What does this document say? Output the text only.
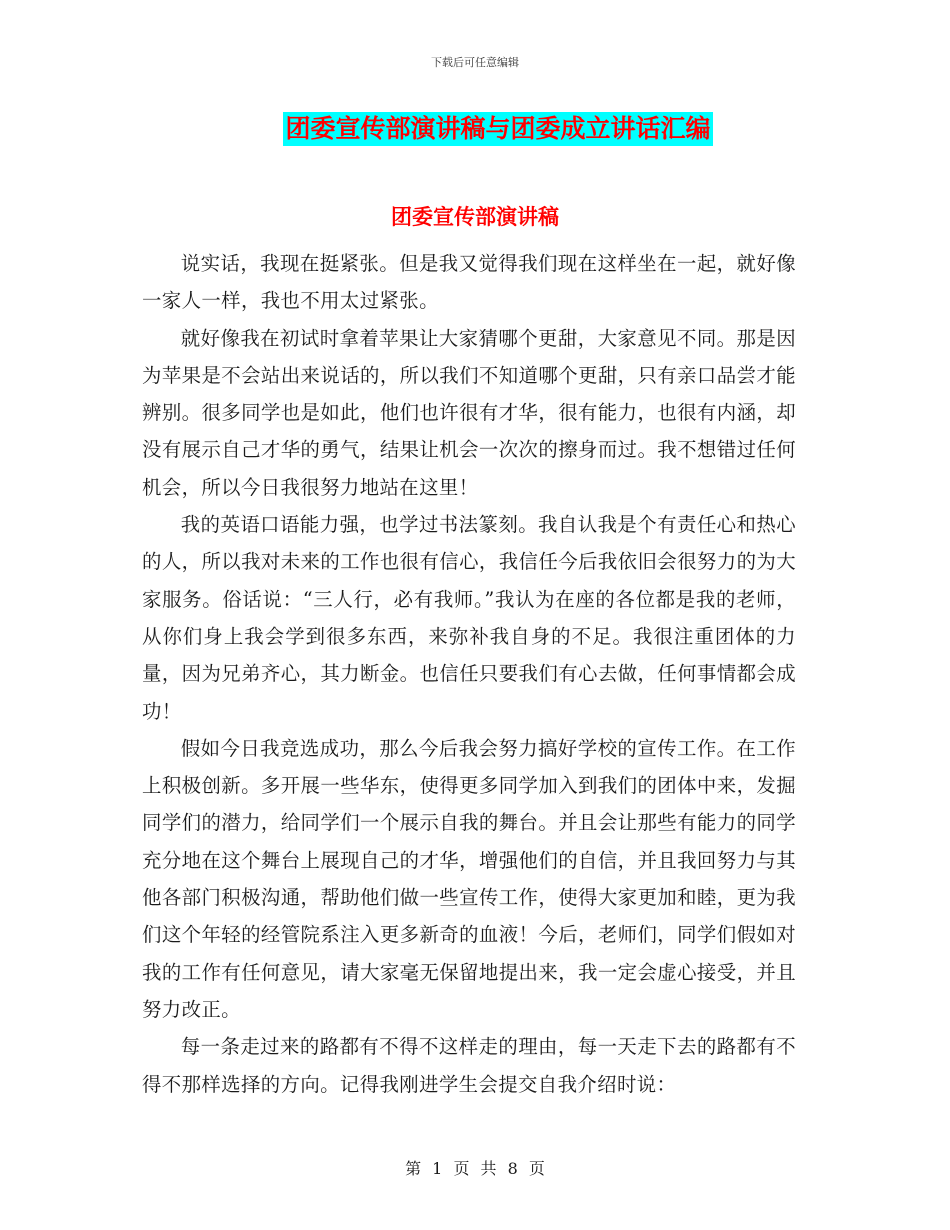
下载后可任意编辑
团委宣传部演讲稿与团委成立讲话汇编
团委宣传部演讲稿

说实话，我现在挺紧张。但是我又觉得我们现在这样坐在一起，就好像一家人一样，我也不用太过紧张。

就好像我在初试时拿着苹果让大家猜哪个更甜，大家意见不同。那是因为苹果是不会站出来说话的，所以我们不知道哪个更甜，只有亲口品尝才能辨别。很多同学也是如此，他们也许很有才华，很有能力，也很有内涵，却没有展示自己才华的勇气，结果让机会一次次的擦身而过。我不想错过任何机会，所以今日我很努力地站在这里！

我的英语口语能力强，也学过书法篆刻。我自认我是个有责任心和热心的人，所以我对未来的工作也很有信心，我信任今后我依旧会很努力的为大家服务。俗话说：“三人行，必有我师。”我认为在座的各位都是我的老师，从你们身上我会学到很多东西，来弥补我自身的不足。我很注重团体的力量，因为兄弟齐心，其力断金。也信任只要我们有心去做，任何事情都会成功！

假如今日我竞选成功，那么今后我会努力搞好学校的宣传工作。在工作上积极创新。多开展一些华东，使得更多同学加入到我们的团体中来，发掘同学们的潜力，给同学们一个展示自我的舞台。并且会让那些有能力的同学充分地在这个舞台上展现自己的才华，增强他们的自信，并且我回努力与其他各部门积极沟通，帮助他们做一些宣传工作，使得大家更加和睦，更为我们这个年轻的经管院系注入更多新奇的血液！今后，老师们，同学们假如对我的工作有任何意见，请大家毫无保留地提出来，我一定会虚心接受，并且努力改正。

每一条走过来的路都有不得不这样走的理由，每一天走下去的路都有不得不那样选择的方向。记得我刚进学生会提交自我介绍时说：

第 1 页 共 8 页
